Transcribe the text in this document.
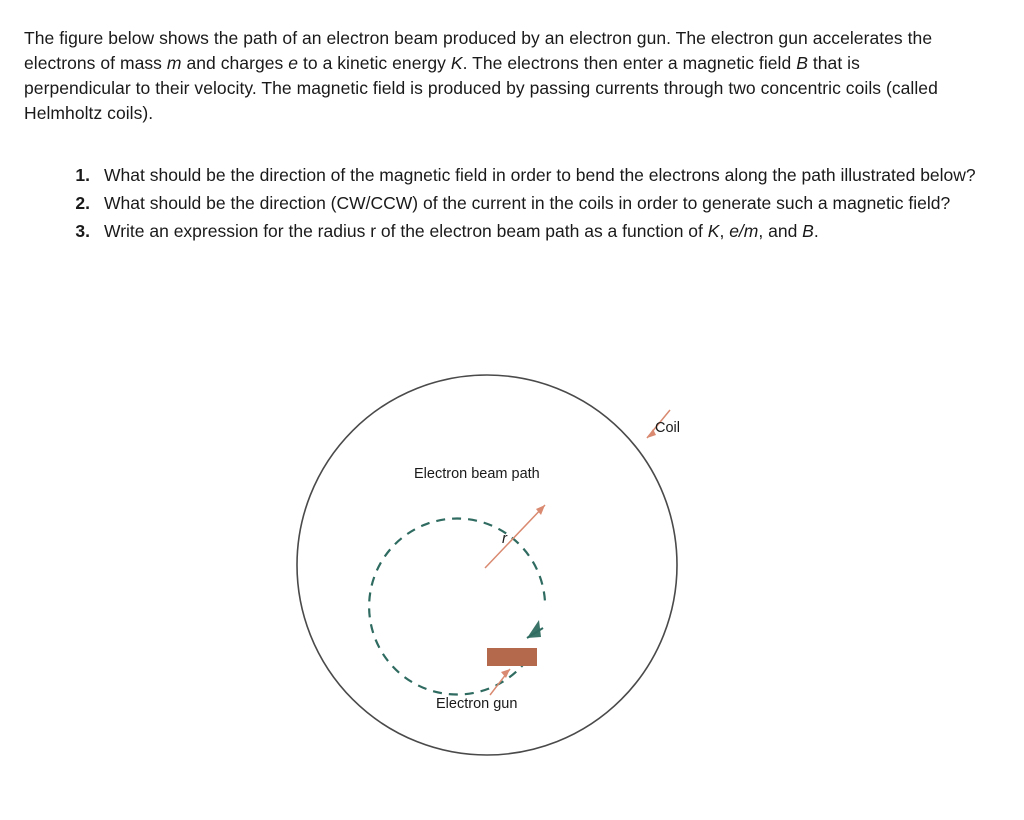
The figure below shows the path of an electron beam produced by an electron gun. The electron gun accelerates the electrons of mass m and charges e to a kinetic energy K. The electrons then enter a magnetic field B that is perpendicular to their velocity. The magnetic field is produced by passing currents through two concentric coils (called Helmholtz coils).
1. What should be the direction of the magnetic field in order to bend the electrons along the path illustrated below?
2. What should be the direction (CW/CCW) of the current in the coils in order to generate such a magnetic field?
3. Write an expression for the radius r of the electron beam path as a function of K, e/m, and B.
Coil
Electron beam path
Electron gun
r
